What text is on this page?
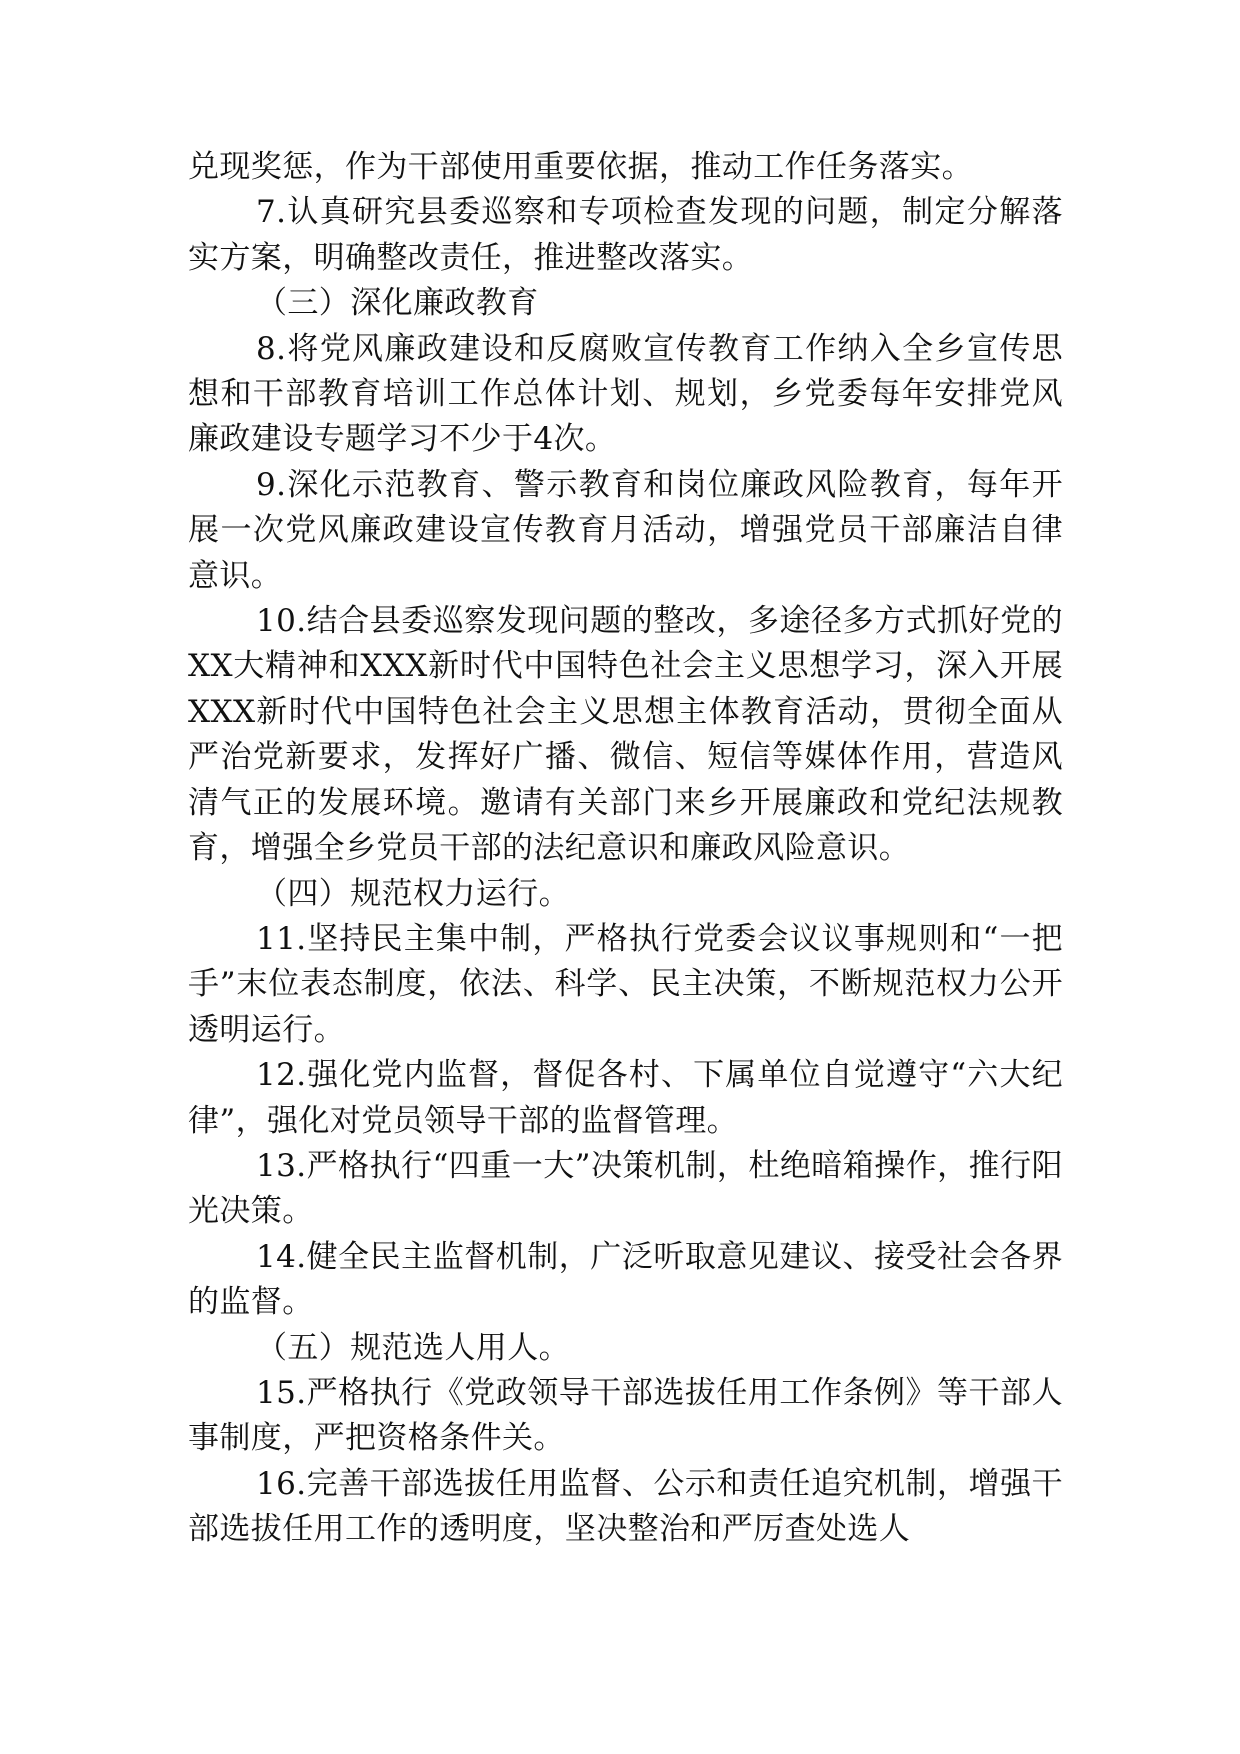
兑现奖惩，作为干部使用重要依据，推动工作任务落实。

7.认真研究县委巡察和专项检查发现的问题，制定分解落实方案，明确整改责任，推进整改落实。

（三）深化廉政教育

8.将党风廉政建设和反腐败宣传教育工作纳入全乡宣传思想和干部教育培训工作总体计划、规划，乡党委每年安排党风廉政建设专题学习不少于4次。

9.深化示范教育、警示教育和岗位廉政风险教育，每年开展一次党风廉政建设宣传教育月活动，增强党员干部廉洁自律意识。

10.结合县委巡察发现问题的整改，多途径多方式抓好党的XX大精神和XXX新时代中国特色社会主义思想学习，深入开展XXX新时代中国特色社会主义思想主体教育活动，贯彻全面从严治党新要求，发挥好广播、微信、短信等媒体作用，营造风清气正的发展环境。邀请有关部门来乡开展廉政和党纪法规教育，增强全乡党员干部的法纪意识和廉政风险意识。

（四）规范权力运行。

11.坚持民主集中制，严格执行党委会议议事规则和“一把手”末位表态制度，依法、科学、民主决策，不断规范权力公开透明运行。

12.强化党内监督，督促各村、下属单位自觉遵守“六大纪律”，强化对党员领导干部的监督管理。

13.严格执行“四重一大”决策机制，杜绝暗箱操作，推行阳光决策。

14.健全民主监督机制，广泛听取意见建议、接受社会各界的监督。

（五）规范选人用人。

15.严格执行《党政领导干部选拔任用工作条例》等干部人事制度，严把资格条件关。

16.完善干部选拔任用监督、公示和责任追究机制，增强干部选拔任用工作的透明度，坚决整治和严厉查处选人
